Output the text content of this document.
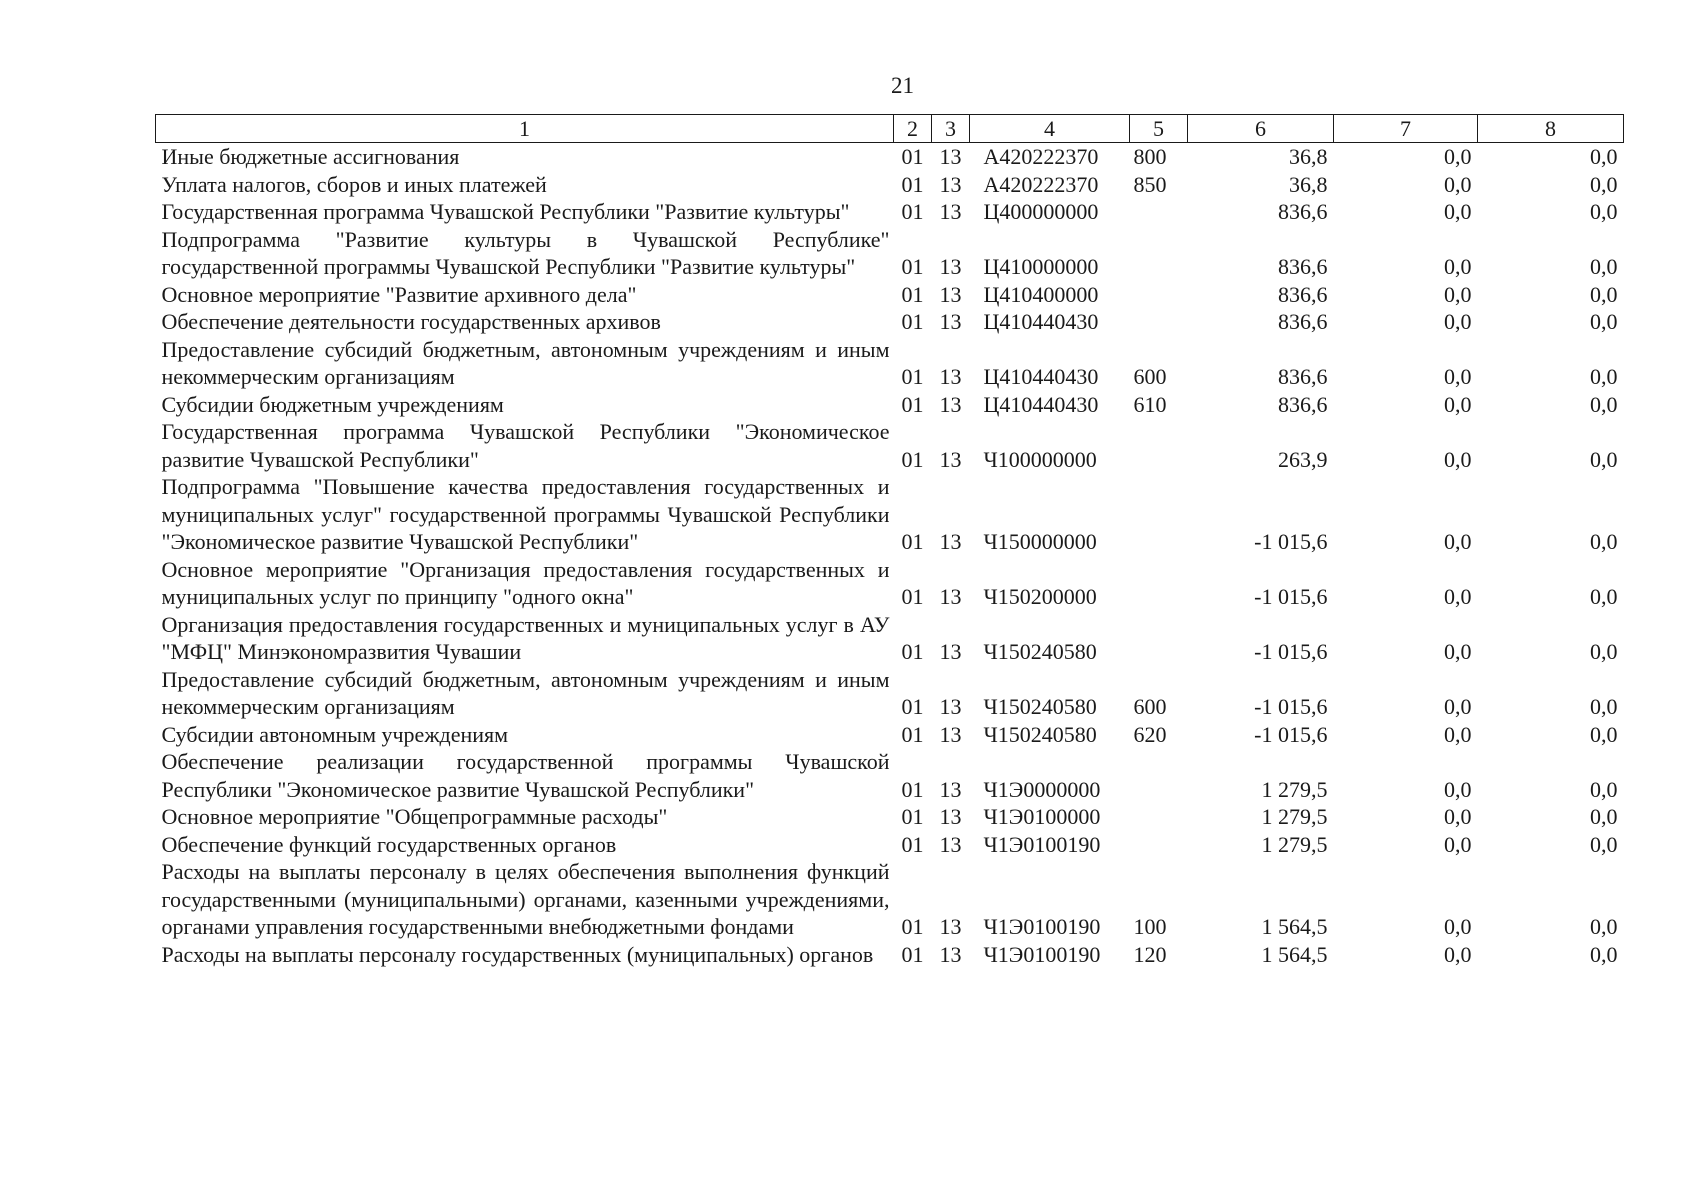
21
1	2	3	4	5	6	7	8
Иные бюджетные ассигнования	01	13	А420222370	800	36,8	0,0	0,0
Уплата налогов, сборов и иных платежей	01	13	А420222370	850	36,8	0,0	0,0
Государственная программа Чувашской Республики "Развитие культуры"	01	13	Ц400000000		836,6	0,0	0,0
Подпрограмма "Развитие культуры в Чувашской Республике" государственной программы Чувашской Республики "Развитие культуры"	01	13	Ц410000000		836,6	0,0	0,0
Основное мероприятие "Развитие архивного дела"	01	13	Ц410400000		836,6	0,0	0,0
Обеспечение деятельности государственных архивов	01	13	Ц410440430		836,6	0,0	0,0
Предоставление субсидий бюджетным, автономным учреждениям и иным некоммерческим организациям	01	13	Ц410440430	600	836,6	0,0	0,0
Субсидии бюджетным учреждениям	01	13	Ц410440430	610	836,6	0,0	0,0
Государственная программа Чувашской Республики "Экономическое развитие Чувашской Республики"	01	13	Ч100000000		263,9	0,0	0,0
Подпрограмма "Повышение качества предоставления государственных и муниципальных услуг" государственной программы Чувашской Республики "Экономическое развитие Чувашской Республики"	01	13	Ч150000000		-1 015,6	0,0	0,0
Основное мероприятие "Организация предоставления государственных и муниципальных услуг по принципу "одного окна"	01	13	Ч150200000		-1 015,6	0,0	0,0
Организация предоставления государственных и муниципальных услуг в АУ "МФЦ" Минэкономразвития Чувашии	01	13	Ч150240580		-1 015,6	0,0	0,0
Предоставление субсидий бюджетным, автономным учреждениям и иным некоммерческим организациям	01	13	Ч150240580	600	-1 015,6	0,0	0,0
Субсидии автономным учреждениям	01	13	Ч150240580	620	-1 015,6	0,0	0,0
Обеспечение реализации государственной программы Чувашской Республики "Экономическое развитие Чувашской Республики"	01	13	Ч1Э0000000		1 279,5	0,0	0,0
Основное мероприятие "Общепрограммные расходы"	01	13	Ч1Э0100000		1 279,5	0,0	0,0
Обеспечение функций государственных органов	01	13	Ч1Э0100190		1 279,5	0,0	0,0
Расходы на выплаты персоналу в целях обеспечения выполнения функций государственными (муниципальными) органами, казенными учреждениями, органами управления государственными внебюджетными фондами	01	13	Ч1Э0100190	100	1 564,5	0,0	0,0
Расходы на выплаты персоналу государственных (муниципальных) органов	01	13	Ч1Э0100190	120	1 564,5	0,0	0,0
